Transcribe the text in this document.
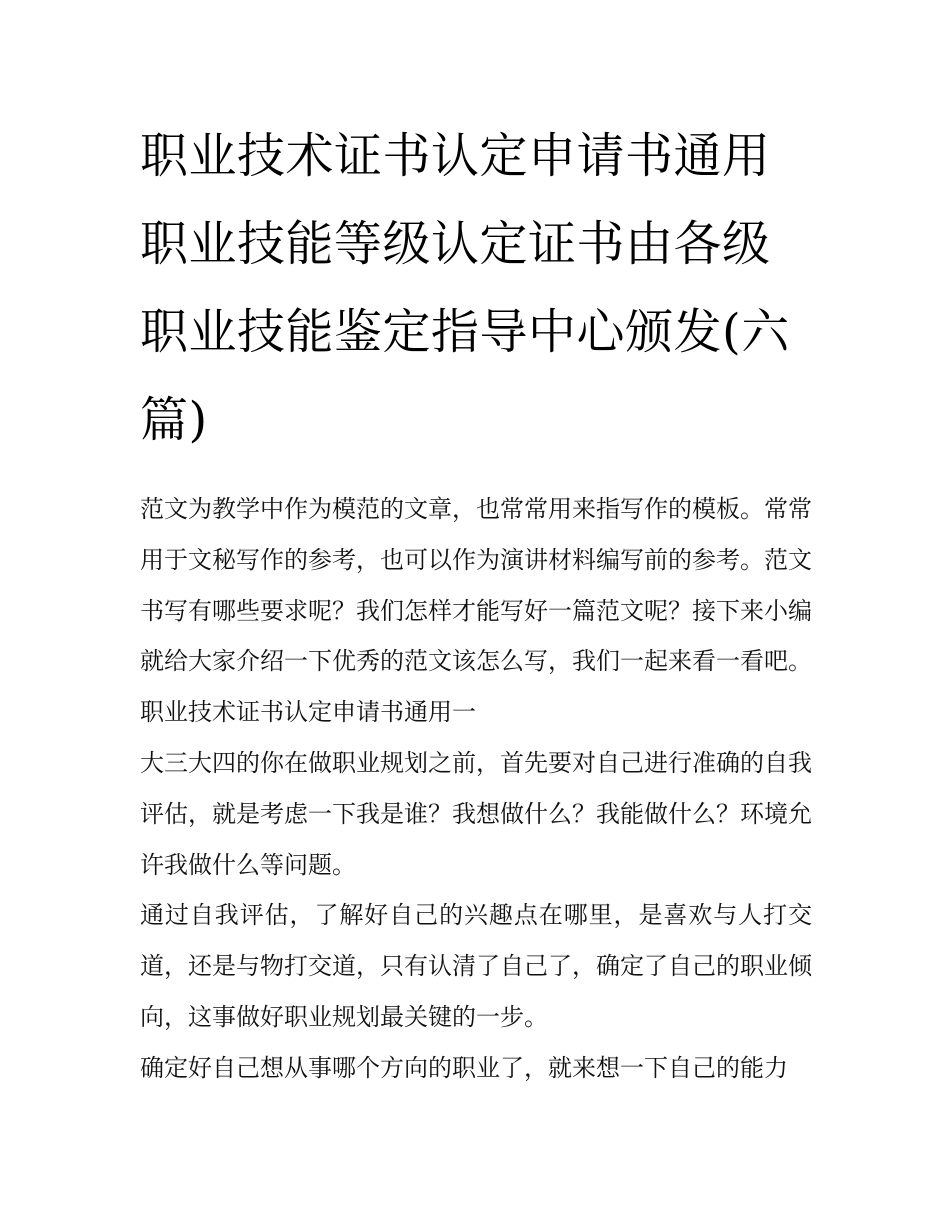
职业技术证书认定申请书通用职业技能等级认定证书由各级职业技能鉴定指导中心颁发(六篇)

范文为教学中作为模范的文章，也常常用来指写作的模板。常常用于文秘写作的参考，也可以作为演讲材料编写前的参考。范文书写有哪些要求呢？我们怎样才能写好一篇范文呢？接下来小编就给大家介绍一下优秀的范文该怎么写，我们一起来看一看吧。

职业技术证书认定申请书通用一

大三大四的你在做职业规划之前，首先要对自己进行准确的自我评估，就是考虑一下我是谁？我想做什么？我能做什么？环境允许我做什么等问题。

通过自我评估，了解好自己的兴趣点在哪里，是喜欢与人打交道，还是与物打交道，只有认清了自己了，确定了自己的职业倾向，这事做好职业规划最关键的一步。

确定好自己想从事哪个方向的职业了，就来想一下自己的能力
